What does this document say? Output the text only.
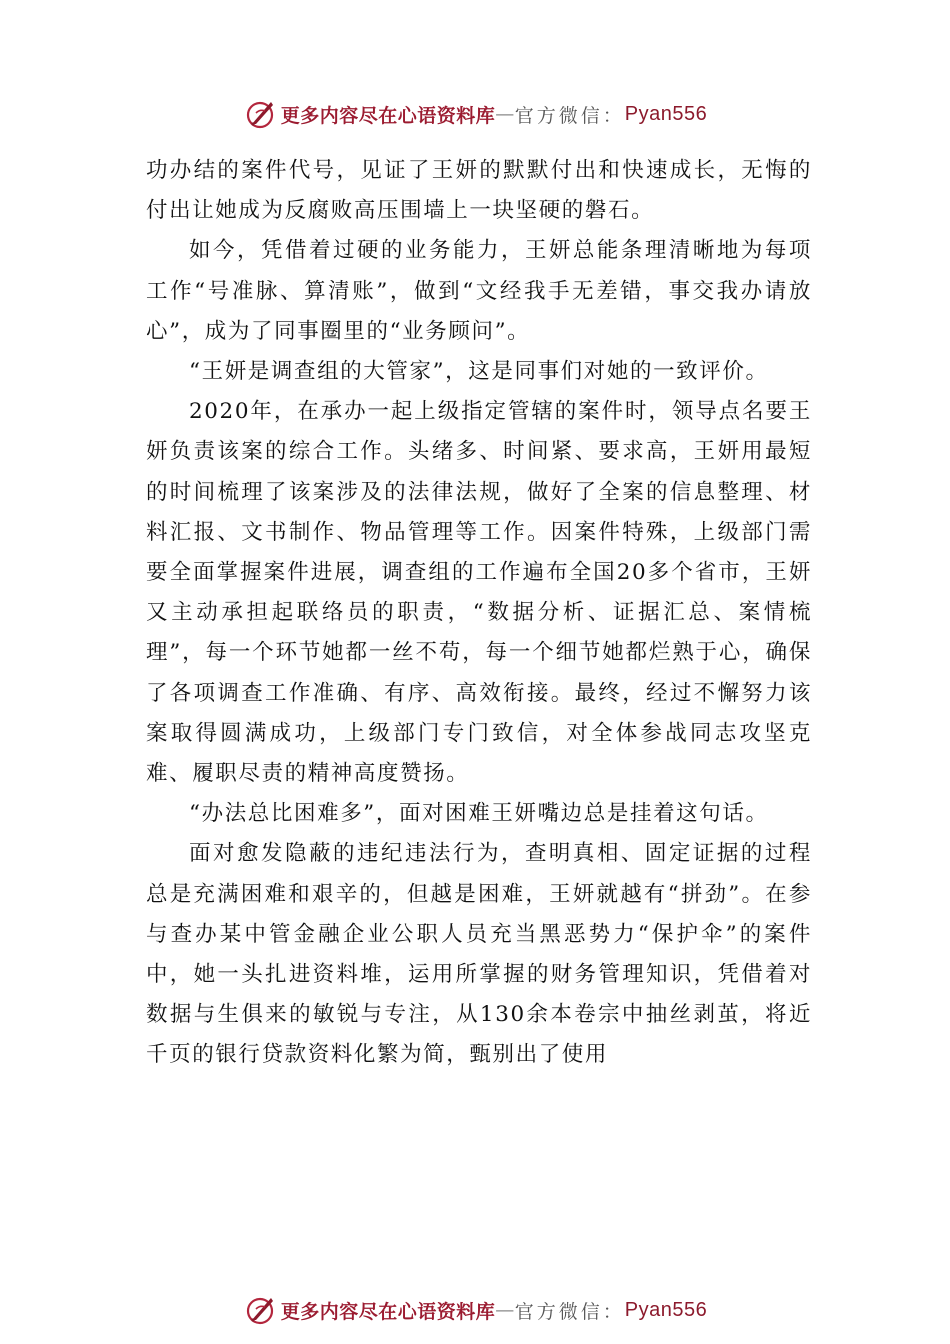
更多内容尽在心语资料库 — 官方微信： Pyan556

功办结的案件代号，见证了王妍的默默付出和快速成长，无悔的付出让她成为反腐败高压围墙上一块坚硬的磐石。

如今，凭借着过硬的业务能力，王妍总能条理清晰地为每项工作“号准脉、算清账”，做到“文经我手无差错，事交我办请放心”，成为了同事圈里的“业务顾问”。

“王妍是调查组的大管家”，这是同事们对她的一致评价。

2020年，在承办一起上级指定管辖的案件时，领导点名要王妍负责该案的综合工作。头绪多、时间紧、要求高，王妍用最短的时间梳理了该案涉及的法律法规，做好了全案的信息整理、材料汇报、文书制作、物品管理等工作。因案件特殊，上级部门需要全面掌握案件进展，调查组的工作遍布全国20多个省市，王妍又主动承担起联络员的职责，“数据分析、证据汇总、案情梳理”，每一个环节她都一丝不苟，每一个细节她都烂熟于心，确保了各项调查工作准确、有序、高效衔接。最终，经过不懈努力该案取得圆满成功，上级部门专门致信，对全体参战同志攻坚克难、履职尽责的精神高度赞扬。

“办法总比困难多”，面对困难王妍嘴边总是挂着这句话。

面对愈发隐蔽的违纪违法行为，查明真相、固定证据的过程总是充满困难和艰辛的，但越是困难，王妍就越有“拼劲”。在参与查办某中管金融企业公职人员充当黑恶势力“保护伞”的案件中，她一头扎进资料堆，运用所掌握的财务管理知识，凭借着对数据与生俱来的敏锐与专注，从130余本卷宗中抽丝剥茧，将近千页的银行贷款资料化繁为简，甄别出了使用

更多内容尽在心语资料库 — 官方微信： Pyan556
